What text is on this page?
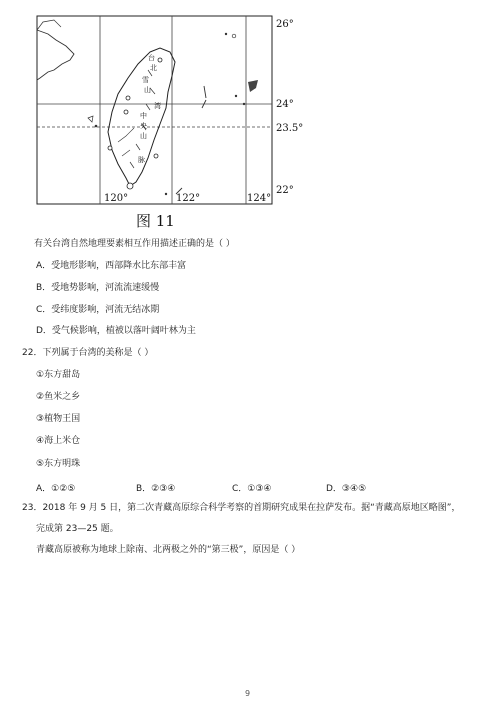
26°
24°
23.5°
22°
120°	122°	124°
台
北
雪
山
中
央
山
脉
湾
图 11
有关台湾自然地理要素相互作用描述正确的是（ ）
A．受地形影响，西部降水比东部丰富
B．受地势影响，河流流速缓慢
C．受纬度影响，河流无结冰期
D．受气候影响，植被以落叶阔叶林为主
22．下列属于台湾的美称是（ ）
①东方甜岛
②鱼米之乡
③植物王国
④海上米仓
⑤东方明珠
A．①②⑤	B．②③④	C．①③④	D．③④⑤
23．2018 年 9 月 5 日，第二次青藏高原综合科学考察的首期研究成果在拉萨发布。据“青藏高原地区略图”，
完成第 23—25 题。
青藏高原被称为地球上除南、北两极之外的“第三极”，原因是（ ）
9
